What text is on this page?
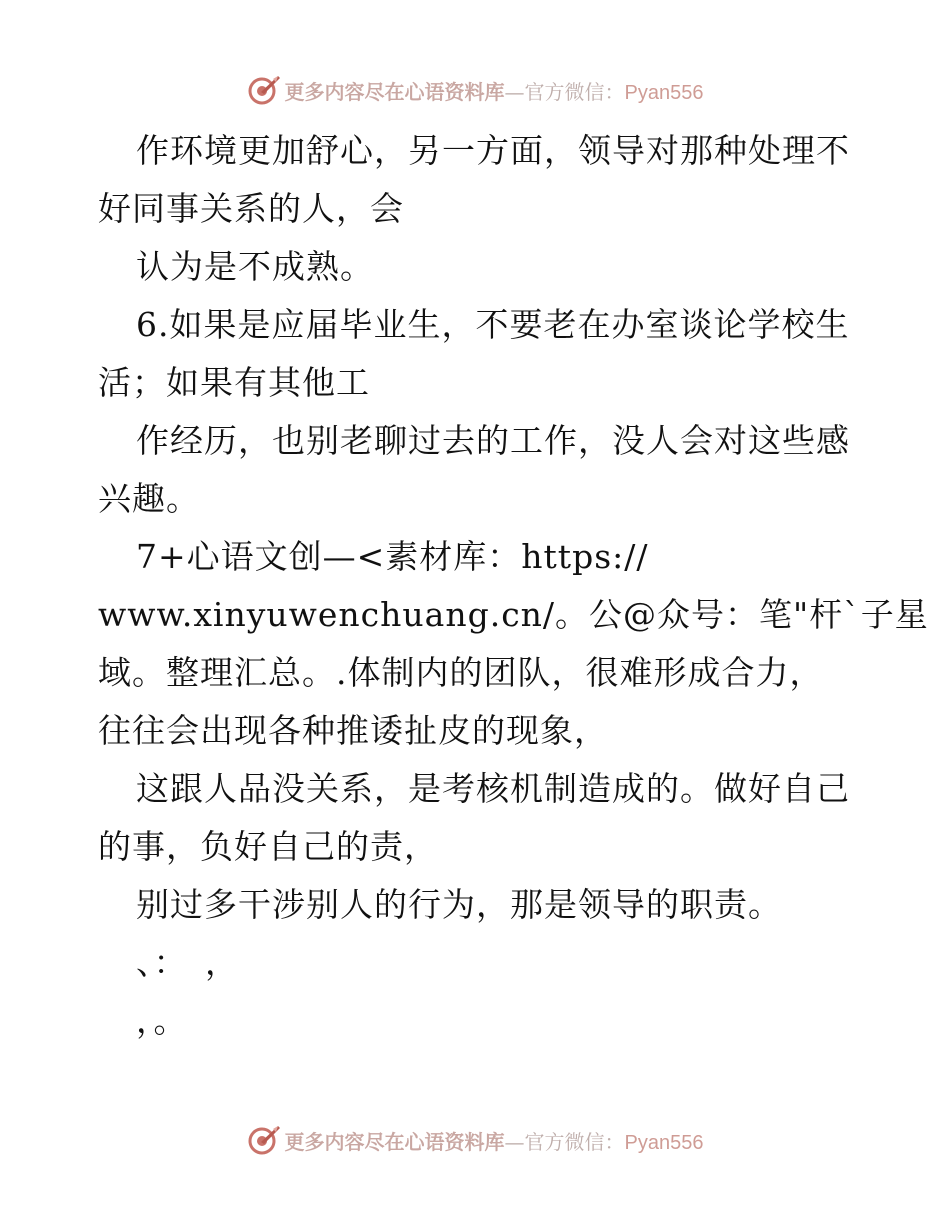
更多内容尽在心语资料库—官方微信：Pyan556
作环境更加舒心，另一方面，领导对那种处理不
好同事关系的人，会
认为是不成熟。
6.如果是应届毕业生，不要老在办室谈论学校生
活；如果有其他工
作经历，也别老聊过去的工作，没人会对这些感
兴趣。
7+心语文创—<素材库：https://
www.xinyuwenchuang.cn/。公@众号：笔"杆`子星
域。整理汇总。.体制内的团队，很难形成合力，
往往会出现各种推诿扯皮的现象，
这跟人品没关系，是考核机制造成的。做好自己
的事，负好自己的责，
别过多干涉别人的行为，那是领导的职责。
、：　，
，。
更多内容尽在心语资料库—官方微信：Pyan556
